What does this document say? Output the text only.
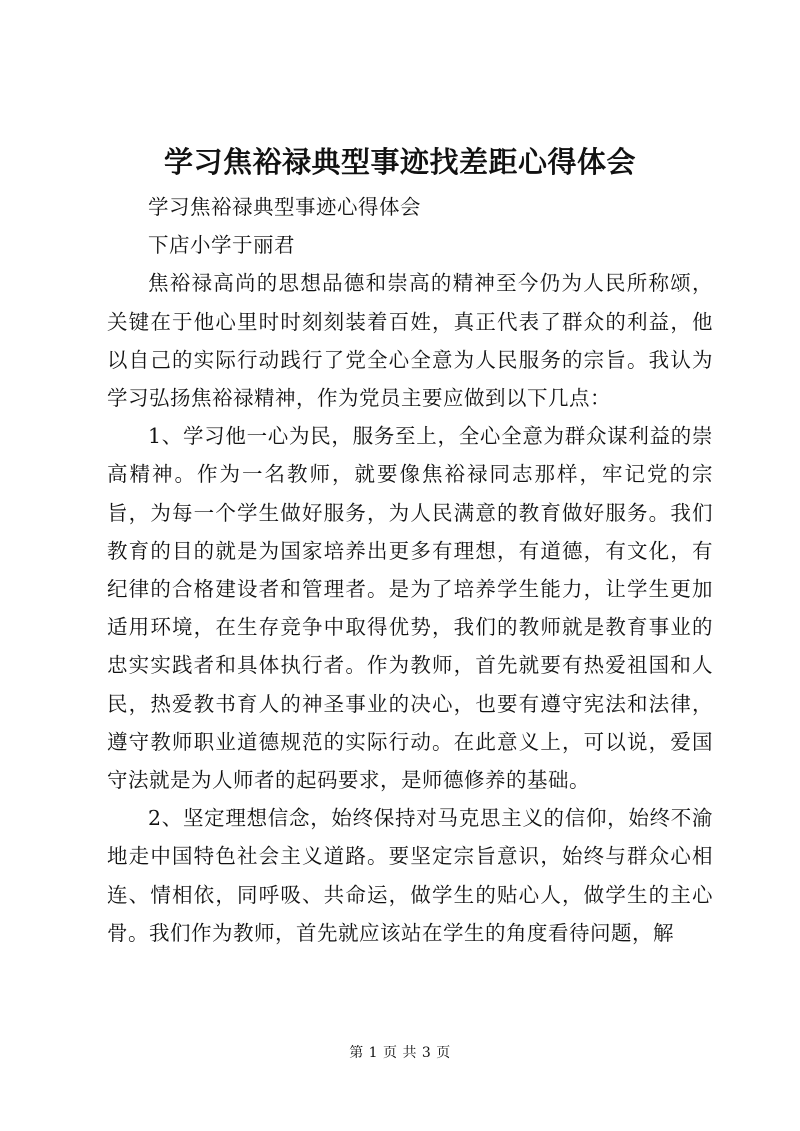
学习焦裕禄典型事迹找差距心得体会

学习焦裕禄典型事迹心得体会

下店小学于丽君

焦裕禄高尚的思想品德和崇高的精神至今仍为人民所称颂，关键在于他心里时时刻刻装着百姓，真正代表了群众的利益，他以自己的实际行动践行了党全心全意为人民服务的宗旨。我认为学习弘扬焦裕禄精神，作为党员主要应做到以下几点：

1、学习他一心为民，服务至上，全心全意为群众谋利益的崇高精神。作为一名教师，就要像焦裕禄同志那样，牢记党的宗旨，为每一个学生做好服务，为人民满意的教育做好服务。我们教育的目的就是为国家培养出更多有理想，有道德，有文化，有纪律的合格建设者和管理者。是为了培养学生能力，让学生更加适用环境，在生存竞争中取得优势，我们的教师就是教育事业的忠实实践者和具体执行者。作为教师，首先就要有热爱祖国和人民，热爱教书育人的神圣事业的决心，也要有遵守宪法和法律，遵守教师职业道德规范的实际行动。在此意义上，可以说，爱国守法就是为人师者的起码要求，是师德修养的基础。

2、坚定理想信念，始终保持对马克思主义的信仰，始终不渝地走中国特色社会主义道路。要坚定宗旨意识，始终与群众心相连、情相依，同呼吸、共命运，做学生的贴心人，做学生的主心骨。我们作为教师，首先就应该站在学生的角度看待问题，解

第 1 页 共 3 页
